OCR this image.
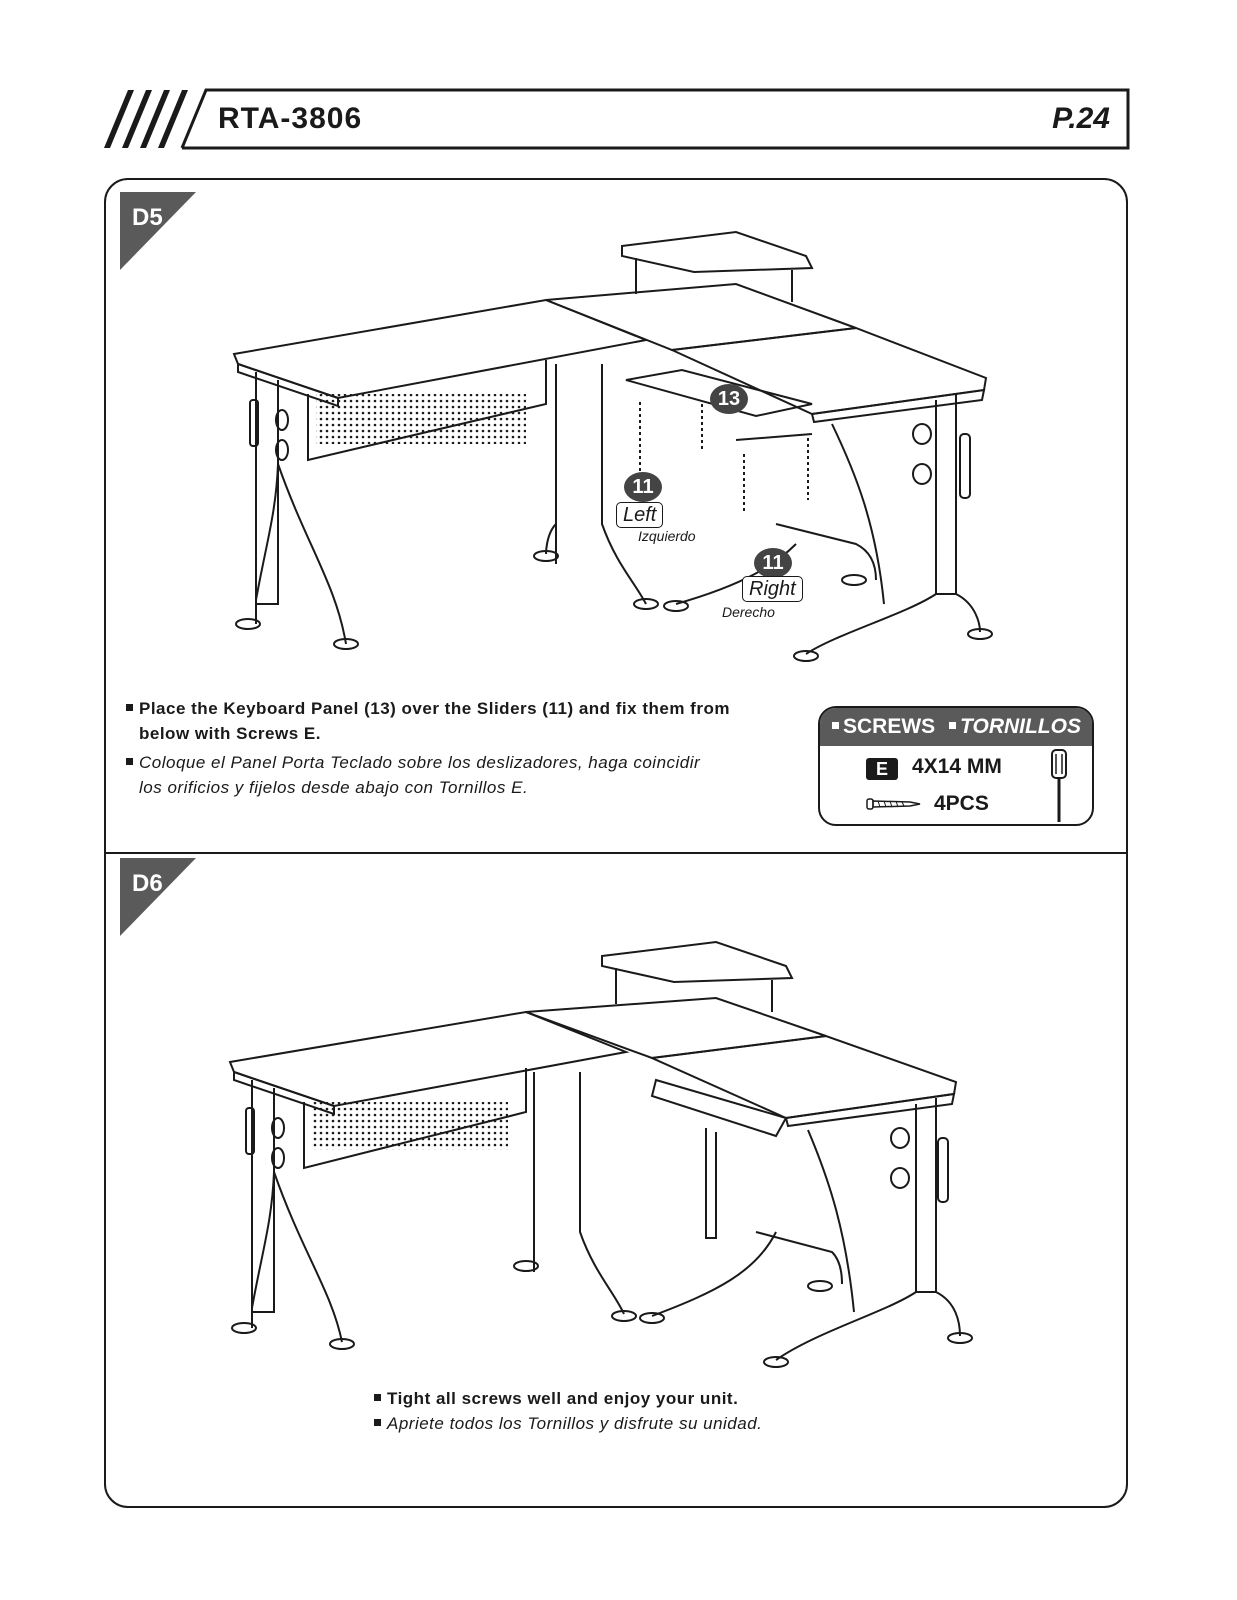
RTA-3806	P.24
D5
13
11
Left
Izquierdo
11
Right
Derecho
Place the Keyboard Panel (13) over the Sliders (11) and fix them from
below with Screws E.
Coloque el Panel Porta Teclado sobre los deslizadores, haga coincidir
los orificios y fijelos desde abajo con Tornillos E.
SCREWS TORNILLOS
E	4X14 MM
4PCS
D6
Tight all screws well and enjoy your unit.
Apriete todos los Tornillos y disfrute su unidad.
